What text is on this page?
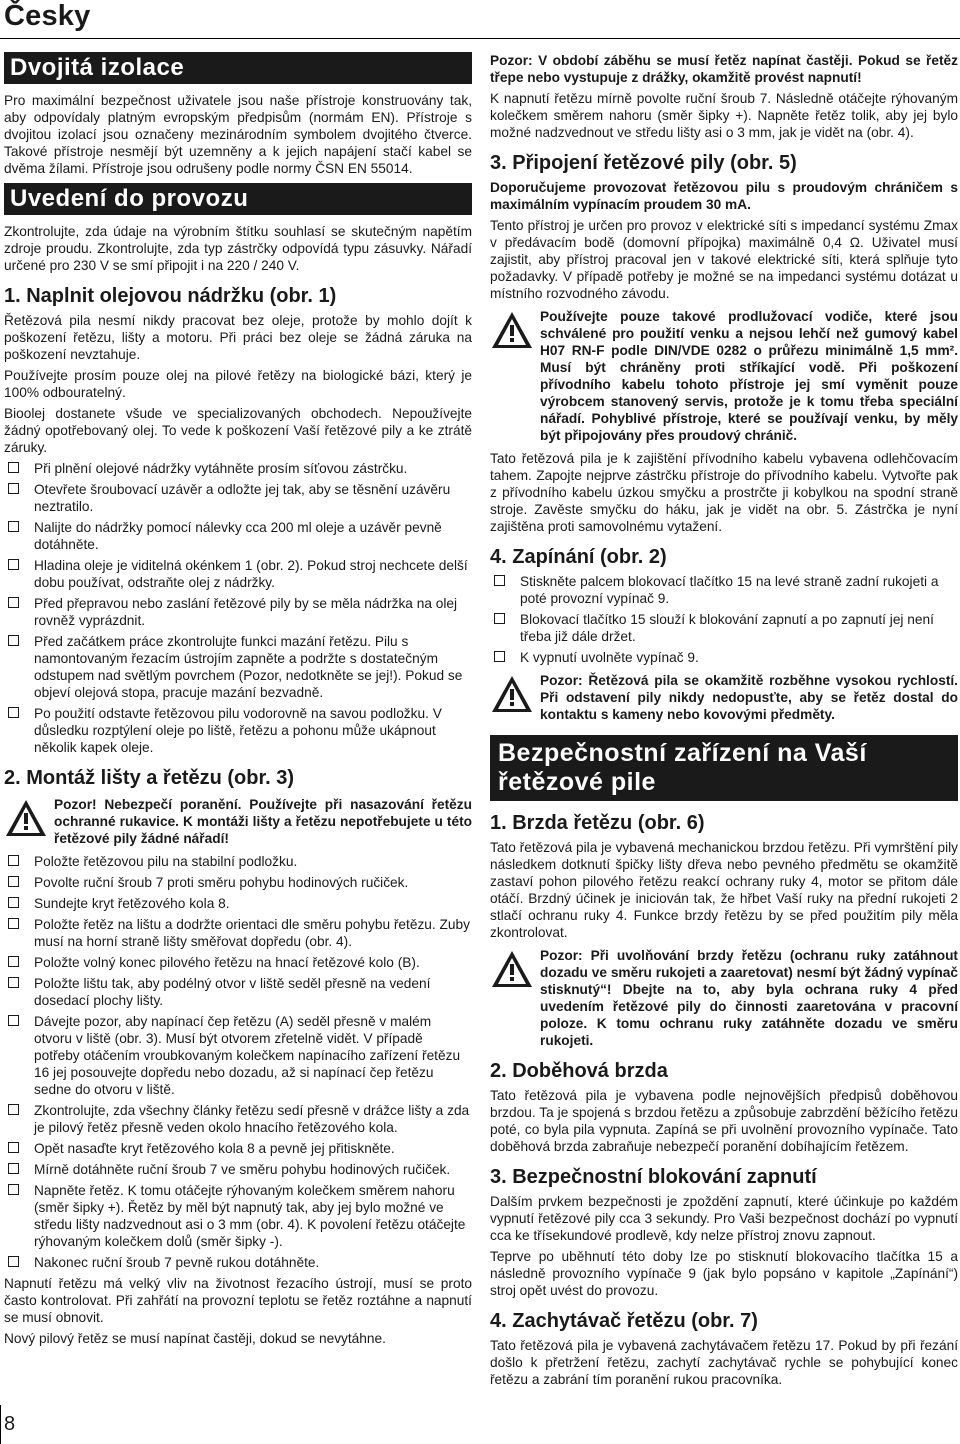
Česky
Dvojitá izolace

Pro maximální bezpečnost uživatele jsou naše přístroje konstruovány tak, aby odpovídaly platným evropským předpisům (normám EN). Přístroje s dvojitou izolací jsou označeny mezinárodním symbolem dvojitého čtverce. Takové přístroje nesmějí být uzemněny a k jejich napájení stačí kabel se dvěma žílami. Přístroje jsou odrušeny podle normy ČSN EN 55014.

Uvedení do provozu

Zkontrolujte, zda údaje na výrobním štítku souhlasí se skutečným napětím zdroje proudu. Zkontrolujte, zda typ zástrčky odpovídá typu zásuvky. Nářadí určené pro 230 V se smí připojit i na 220 / 240 V.

1. Naplnit olejovou nádržku (obr. 1)

Řetězová pila nesmí nikdy pracovat bez oleje, protože by mohlo dojít k poškození řetězu, lišty a motoru. Při práci bez oleje se žádná záruka na poškození nevztahuje.

Používejte prosím pouze olej na pilové řetězy na biologické bázi, který je 100% odbouratelný.

Bioolej dostanete všude ve specializovaných obchodech. Nepoužívejte žádný opotřebovaný olej. To vede k poškození Vaší řetězové pily a ke ztrátě záruky.

Při plnění olejové nádržky vytáhněte prosím síťovou zástrčku.
Otevřete šroubovací uzávěr a odložte jej tak, aby se těsnění uzávěru neztratilo.
Nalijte do nádržky pomocí nálevky cca 200 ml oleje a uzávěr pevně dotáhněte.
Hladina oleje je viditelná okénkem 1 (obr. 2). Pokud stroj nechcete delší dobu používat, odstraňte olej z nádržky.
Před přepravou nebo zaslání řetězové pily by se měla nádržka na olej rovněž vyprázdnit.
Před začátkem práce zkontrolujte funkci mazání řetězu. Pilu s namontovaným řezacím ústrojím zapněte a podržte s dostatečným odstupem nad světlým povrchem (Pozor, nedotkněte se jej!). Pokud se objeví olejová stopa, pracuje mazání bezvadně.
Po použití odstavte řetězovou pilu vodorovně na savou podložku. V důsledku rozptýlení oleje po liště, řetězu a pohonu může ukápnout několik kapek oleje.
2. Montáž lišty a řetězu (obr. 3)
Pozor! Nebezpečí poranění. Používejte při nasazování řetězu ochranné rukavice. K montáži lišty a řetězu nepotřebujete u této řetězové pily žádné nářadí!
Položte řetězovou pilu na stabilní podložku.
Povolte ruční šroub 7 proti směru pohybu hodinových ručiček.
Sundejte kryt řetězového kola 8.
Položte řetěz na lištu a dodržte orientaci dle směru pohybu řetězu. Zuby musí na horní straně lišty směřovat dopředu (obr. 4).
Položte volný konec pilového řetězu na hnací řetězové kolo (B).
Položte lištu tak, aby podélný otvor v liště seděl přesně na vedení dosedací plochy lišty.
Dávejte pozor, aby napínací čep řetězu (A) seděl přesně v malém otvoru v liště (obr. 3). Musí být otvorem zřetelně vidět. V případě potřeby otáčením vroubkovaným kolečkem napínacího zařízení řetězu 16 jej posouvejte dopředu nebo dozadu, až si napínací čep řetězu sedne do otvoru v liště.
Zkontrolujte, zda všechny články řetězu sedí přesně v drážce lišty a zda je pilový řetěz přesně veden okolo hnacího řetězového kola.
Opět nasaďte kryt řetězového kola 8 a pevně jej přitiskněte.
Mírně dotáhněte ruční šroub 7 ve směru pohybu hodinových ručiček.
Napněte řetěz. K tomu otáčejte rýhovaným kolečkem směrem nahoru (směr šipky +). Řetěz by měl být napnutý tak, aby jej bylo možné ve středu lišty nadzvednout asi o 3 mm (obr. 4). K povolení řetězu otáčejte rýhovaným kolečkem dolů (směr šipky -).
Nakonec ruční šroub 7 pevně rukou dotáhněte.

Napnutí řetězu má velký vliv na životnost řezacího ústrojí, musí se proto často kontrolovat. Při zahřátí na provozní teplotu se řetěz roztáhne a napnutí se musí obnovit.

Nový pilový řetěz se musí napínat častěji, dokud se nevytáhne.

Pozor: V období záběhu se musí řetěz napínat častěji. Pokud se řetěz třepe nebo vystupuje z drážky, okamžitě provést napnutí!

K napnutí řetězu mírně povolte ruční šroub 7. Následně otáčejte rýhovaným kolečkem směrem nahoru (směr šipky +). Napněte řetěz tolik, aby jej bylo možné nadzvednout ve středu lišty asi o 3 mm, jak je vidět na (obr. 4).

3. Připojení řetězové pily (obr. 5)

Doporučujeme provozovat řetězovou pilu s proudovým chráničem s maximálním vypínacím proudem 30 mA.

Tento přístroj je určen pro provoz v elektrické síti s impedancí systému Zmax v předávacím bodě (domovní přípojka) maximálně 0,4 Ω. Uživatel musí zajistit, aby přístroj pracoval jen v takové elektrické síti, která splňuje tyto požadavky. V případě potřeby je možné se na impedanci systému dotázat u místního rozvodného závodu.

Používejte pouze takové prodlužovací vodiče, které jsou schválené pro použití venku a nejsou lehčí než gumový kabel H07 RN-F podle DIN/VDE 0282 o průřezu minimálně 1,5 mm². Musí být chráněny proti stříkající vodě. Při poškození přívodního kabelu tohoto přístroje jej smí vyměnit pouze výrobcem stanovený servis, protože je k tomu třeba speciální nářadí. Pohyblivé přístroje, které se používají venku, by měly být připojovány přes proudový chránič.

Tato řetězová pila je k zajištění přívodního kabelu vybavena odlehčovacím tahem. Zapojte nejprve zástrčku přístroje do přívodního kabelu. Vytvořte pak z přívodního kabelu úzkou smyčku a prostrčte ji kobylkou na spodní straně stroje. Zavěste smyčku do háku, jak je vidět na obr. 5. Zástrčka je nyní zajištěna proti samovolnému vytažení.

4. Zapínání (obr. 2)
Stiskněte palcem blokovací tlačítko 15 na levé straně zadní rukojeti a poté provozní vypínač 9.
Blokovací tlačítko 15 slouží k blokování zapnutí a po zapnutí jej není třeba již dále držet.
K vypnutí uvolněte vypínač 9.
Pozor: Řetězová pila se okamžitě rozběhne vysokou rychlostí. Při odstavení pily nikdy nedopusťte, aby se řetěz dostal do kontaktu s kameny nebo kovovými předměty.
Bezpečnostní zařízení na Vaší řetězové pile
1. Brzda řetězu (obr. 6)

Tato řetězová pila je vybavená mechanickou brzdou řetězu. Při vymrštění pily následkem dotknutí špičky lišty dřeva nebo pevného předmětu se okamžitě zastaví pohon pilového řetězu reakcí ochrany ruky 4, motor se přitom dále otáčí. Brzdný účinek je iniciován tak, že hřbet Vaší ruky na přední rukojeti 2 stlačí ochranu ruky 4. Funkce brzdy řetězu by se před použitím pily měla zkontrolovat.

Pozor: Při uvolňování brzdy řetězu (ochranu ruky zatáhnout dozadu ve směru rukojeti a zaaretovat) nesmí být žádný vypínač stisknutý“! Dbejte na to, aby byla ochrana ruky 4 před uvedením řetězové pily do činnosti zaaretována v pracovní poloze. K tomu ochranu ruky zatáhněte dozadu ve směru rukojeti.
2. Doběhová brzda

Tato řetězová pila je vybavena podle nejnovějších předpisů doběhovou brzdou. Ta je spojená s brzdou řetězu a způsobuje zabrzdění běžícího řetězu poté, co byla pila vypnuta. Zapíná se při uvolnění provozního vypínače. Tato doběhová brzda zabraňuje nebezpečí poranění dobíhajícím řetězem.

3. Bezpečnostní blokování zapnutí

Dalším prvkem bezpečnosti je zpoždění zapnutí, které účinkuje po každém vypnutí řetězové pily cca 3 sekundy. Pro Vaši bezpečnost dochází po vypnutí cca ke třísekundové prodlevě, kdy nelze přístroj znovu zapnout.

Teprve po uběhnutí této doby lze po stisknutí blokovacího tlačítka 15 a následně provozního vypínače 9 (jak bylo popsáno v kapitole „Zapínání“) stroj opět uvést do provozu.

4. Zachytávač řetězu (obr. 7)

Tato řetězová pila je vybavená zachytávačem řetězu 17. Pokud by při řezání došlo k přetržení řetězu, zachytí zachytávač rychle se pohybující konec řetězu a zabrání tím poranění rukou pracovníka.

8
